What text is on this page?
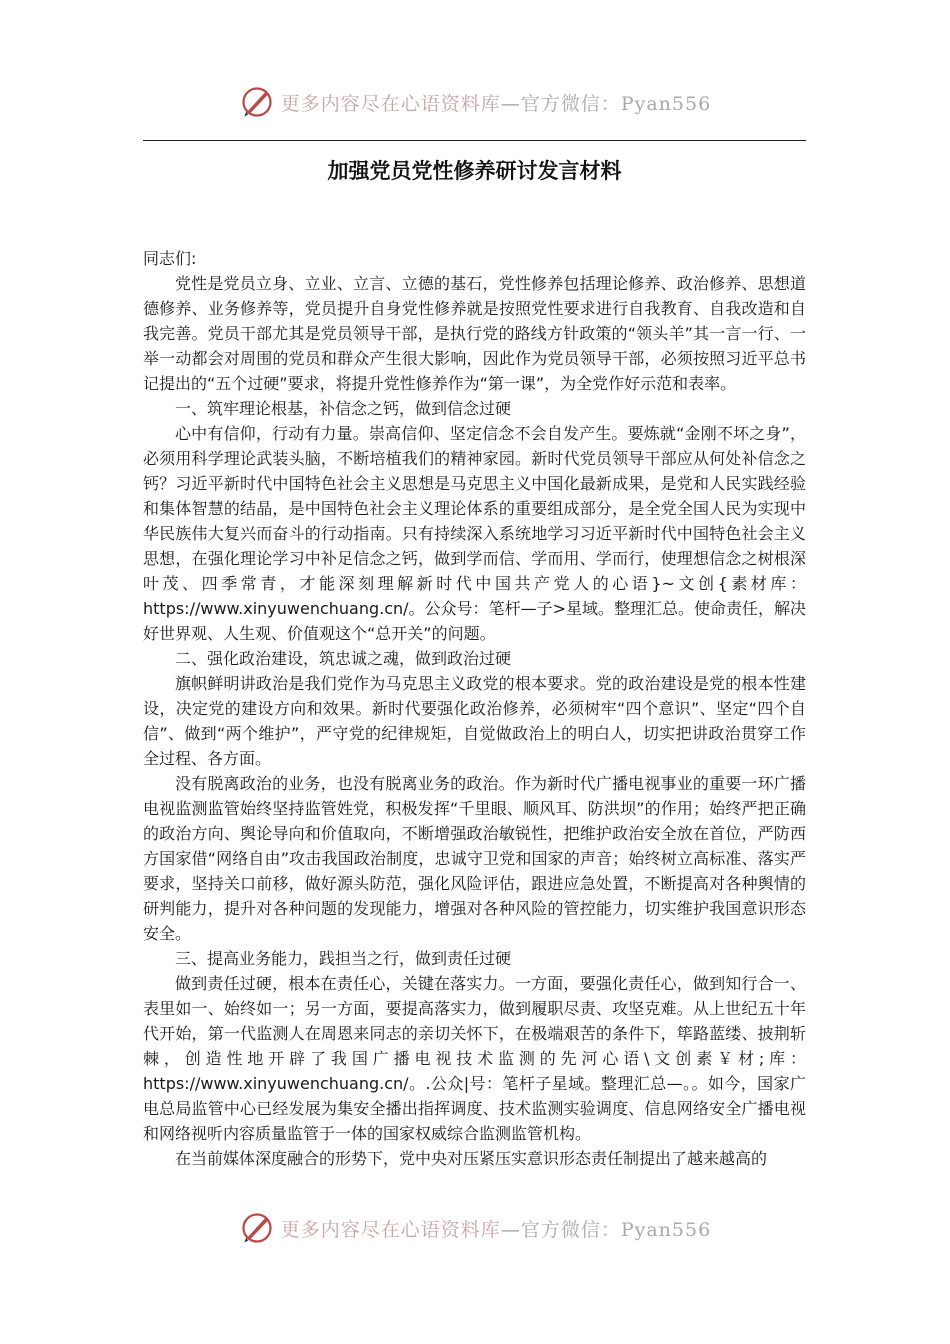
更多内容尽在心语资料库—官方微信：Pyan556
加强党员党性修养研讨发言材料

同志们:

党性是党员立身、立业、立言、立德的基石，党性修养包括理论修养、政治修养、思想道德修养、业务修养等，党员提升自身党性修养就是按照党性要求进行自我教育、自我改造和自我完善。党员干部尤其是党员领导干部，是执行党的路线方针政策的“领头羊”其一言一行、一举一动都会对周围的党员和群众产生很大影响，因此作为党员领导干部，必须按照习近平总书记提出的“五个过硬”要求，将提升党性修养作为“第一课”，为全党作好示范和表率。

一、筑牢理论根基，补信念之钙，做到信念过硬

心中有信仰，行动有力量。崇高信仰、坚定信念不会自发产生。要炼就“金刚不坏之身”，必须用科学理论武装头脑，不断培植我们的精神家园。新时代党员领导干部应从何处补信念之钙？习近平新时代中国特色社会主义思想是马克思主义中国化最新成果，是党和人民实践经验和集体智慧的结晶，是中国特色社会主义理论体系的重要组成部分，是全党全国人民为实现中华民族伟大复兴而奋斗的行动指南。只有持续深入系统地学习习近平新时代中国特色社会主义思想，在强化理论学习中补足信念之钙，做到学而信、学而用、学而行，使理想信念之树根深叶茂、四季常青，才能深刻理解新时代中国共产党人的心语}~文创{素材库：https://www.xinyuwenchuang.cn/。公众号：笔杆—子>星域。整理汇总。使命责任，解决好世界观、人生观、价值观这个“总开关”的问题。

二、强化政治建设，筑忠诚之魂，做到政治过硬

旗帜鲜明讲政治是我们党作为马克思主义政党的根本要求。党的政治建设是党的根本性建设，决定党的建设方向和效果。新时代要强化政治修养，必须树牢“四个意识”、坚定“四个自信”、做到“两个维护”，严守党的纪律规矩，自觉做政治上的明白人，切实把讲政治贯穿工作全过程、各方面。

没有脱离政治的业务，也没有脱离业务的政治。作为新时代广播电视事业的重要一环广播电视监测监管始终坚持监管姓党，积极发挥“千里眼、顺风耳、防洪坝”的作用；始终严把正确的政治方向、舆论导向和价值取向，不断增强政治敏锐性，把维护政治安全放在首位，严防西方国家借“网络自由”攻击我国政治制度，忠诚守卫党和国家的声音；始终树立高标准、落实严要求，坚持关口前移，做好源头防范，强化风险评估，跟进应急处置，不断提高对各种舆情的研判能力，提升对各种问题的发现能力，增强对各种风险的管控能力，切实维护我国意识形态安全。

三、提高业务能力，践担当之行，做到责任过硬

做到责任过硬，根本在责任心，关键在落实力。一方面，要强化责任心，做到知行合一、表里如一、始终如一；另一方面，要提高落实力，做到履职尽责、攻坚克难。从上世纪五十年代开始，第一代监测人在周恩来同志的亲切关怀下，在极端艰苦的条件下，筚路蓝缕、披荆斩棘，创造性地开辟了我国广播电视技术监测的先河心语\文创素￥材;库：https://www.xinyuwenchuang.cn/。.公众|号：笔杆子星域。整理汇总—。。如今，国家广电总局监管中心已经发展为集安全播出指挥调度、技术监测实验调度、信息网络安全广播电视和网络视听内容质量监管于一体的国家权威综合监测监管机构。

在当前媒体深度融合的形势下，党中央对压紧压实意识形态责任制提出了越来越高的

更多内容尽在心语资料库—官方微信：Pyan556
